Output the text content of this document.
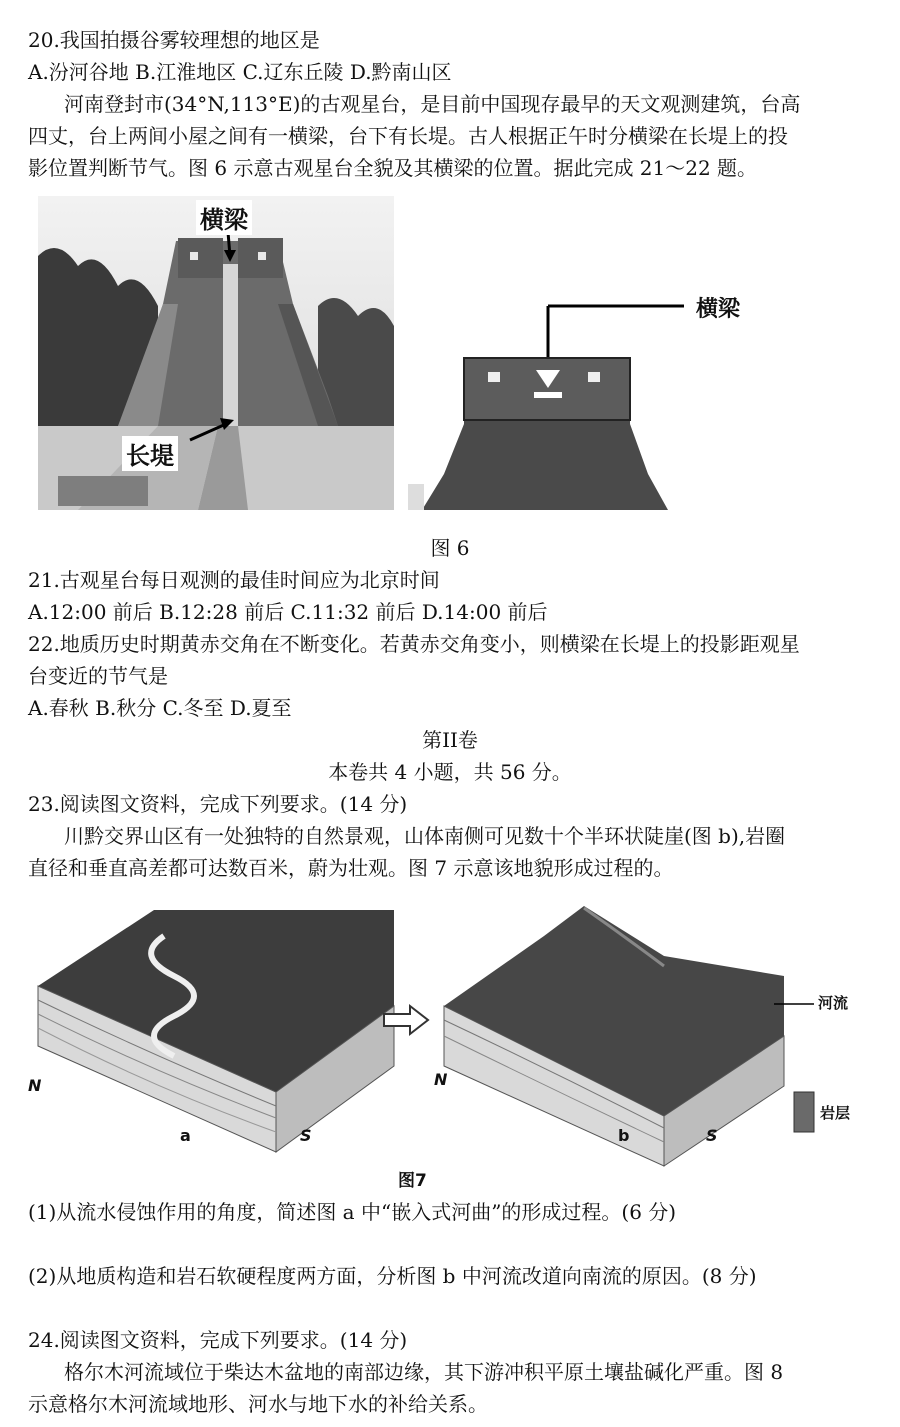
20.我国拍摄谷雾较理想的地区是
A.汾河谷地 B.江淮地区 C.辽东丘陵 D.黔南山区
河南登封市(34°N,113°E)的古观星台，是目前中国现存最早的天文观测建筑，台高
四丈，台上两间小屋之间有一横梁，台下有长堤。古人根据正午时分横梁在长堤上的投
影位置判断节气。图 6 示意古观星台全貌及其横梁的位置。据此完成 21～22 题。
横梁
长堤
横梁
图 6
21.古观星台每日观测的最佳时间应为北京时间
A.12:00 前后 B.12:28 前后 C.11:32 前后 D.14:00 前后
22.地质历史时期黄赤交角在不断变化。若黄赤交角变小，则横梁在长堤上的投影距观星
台变近的节气是
A.春秋 B.秋分 C.冬至 D.夏至
第II卷
本卷共 4 小题，共 56 分。
23.阅读图文资料，完成下列要求。(14 分)
川黔交界山区有一处独特的自然景观，山体南侧可见数十个半环状陡崖(图 b),岩圈
直径和垂直高差都可达数百米，蔚为壮观。图 7 示意该地貌形成过程的。
a	b
N
S
N
S
河流
岩层
图7
(1)从流水侵蚀作用的角度，简述图 a 中“嵌入式河曲”的形成过程。(6 分)
(2)从地质构造和岩石软硬程度两方面，分析图 b 中河流改道向南流的原因。(8 分)
24.阅读图文资料，完成下列要求。(14 分)
格尔木河流域位于柴达木盆地的南部边缘，其下游冲积平原土壤盐碱化严重。图 8
示意格尔木河流域地形、河水与地下水的补给关系。
